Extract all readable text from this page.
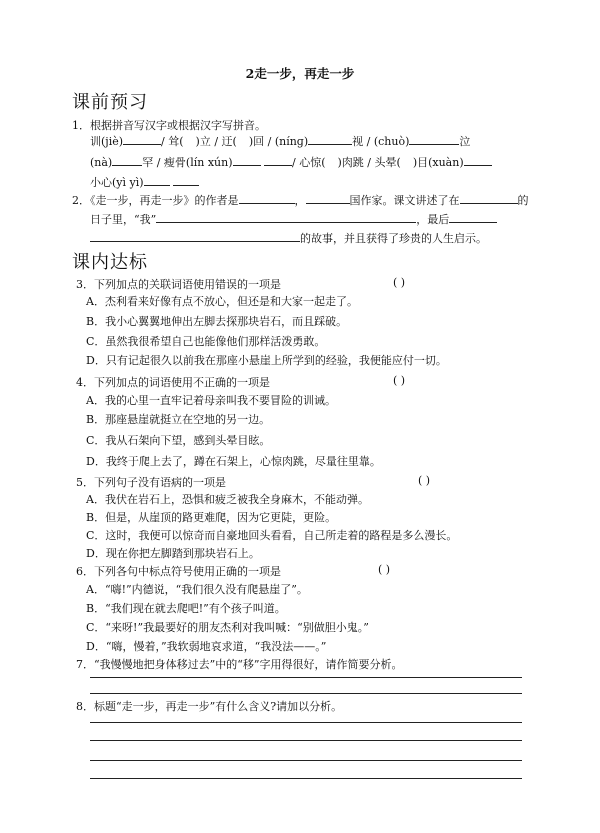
2走一步，再走一步
课前预习
1．根据拼音写汉字或根据汉字写拼音。
训(jiè)	/ 耸( )立 / 迂( )回 / (nínɡ)	视 / (chuò)	泣
(nà)	罕 / 瘦骨(lín xún)	/ 心惊( )肉跳 / 头晕( )目(xuàn)
小心(yì yì)
2．《走一步，再走一步》的作者是	，	国作家。课文讲述了在	的
日子里，“我”	，最后
的故事，并且获得了珍贵的人生启示。
课内达标
3．下列加点的关联词语使用错误的一项是	( )
A．杰利看来好像有点不放心，但还是和大家一起走了。
B．我小心翼翼地伸出左脚去探那块岩石，而且踩破。
C．虽然我很希望自己也能像他们那样活泼勇敢。
D．只有记起很久以前我在那座小悬崖上所学到的经验，我便能应付一切。
4．下列加点的词语使用不正确的一项是	( )
A．我的心里一直牢记着母亲叫我不要冒险的训诫。
B．那座悬崖就挺立在空地的另一边。
C．我从石架向下望，感到头晕目眩。
D．我终于爬上去了，蹲在石架上，心惊肉跳，尽量往里靠。
5．下列句子没有语病的一项是	( )
A．我伏在岩石上，恐惧和疲乏被我全身麻木，不能动弹。
B．但是，从崖顶的路更难爬，因为它更陡，更险。
C．这时，我便可以惊奇而自豪地回头看看，自己所走着的路程是多么漫长。
D．现在你把左脚踏到那块岩石上。
6．下列各句中标点符号使用正确的一项是	( )
A．“嗨!”内德说，“我们很久没有爬悬崖了”。
B．“我们现在就去爬吧!”有个孩子叫道。
C．“来呀!”我最要好的朋友杰利对我叫喊：“别做胆小鬼。”
D．“嗨，慢着，”我软弱地哀求道，“我没法——。”
7．“我慢慢地把身体移过去”中的“移”字用得很好，请作简要分析。
8．标题“走一步，再走一步”有什么含义?请加以分析。
